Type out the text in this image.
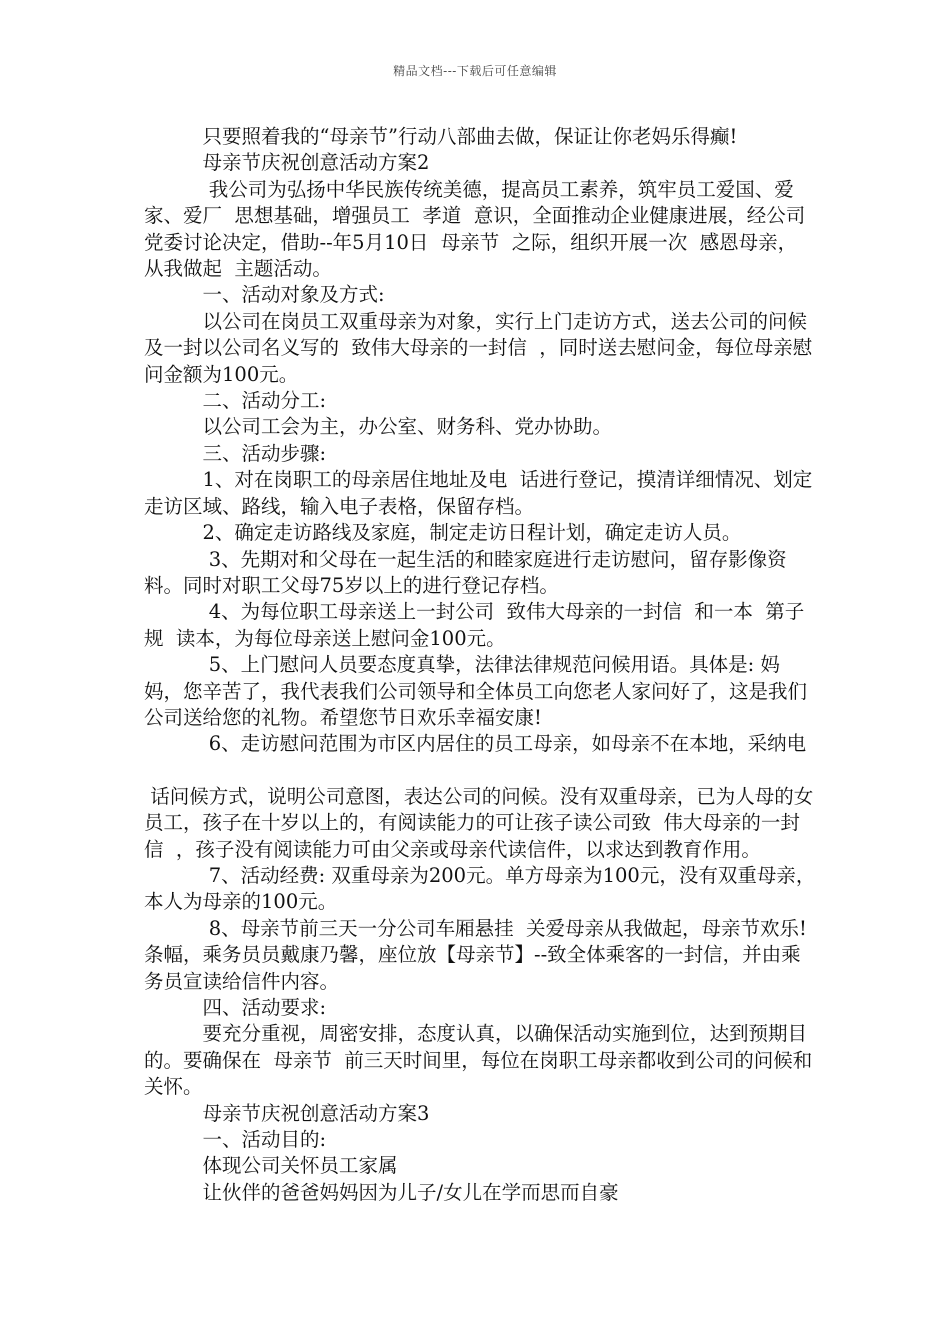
精品文档---下载后可任意编辑

　　　只要照着我的“母亲节”行动八部曲去做，保证让你老妈乐得癫!

　　　母亲节庆祝创意活动方案2

　　　 我公司为弘扬中华民族传统美德，提高员工素养，筑牢员工爱国、爱家、爱厂  思想基础，增强员工  孝道  意识，全面推动企业健康进展，经公司党委讨论决定，借助--年5月10日  母亲节  之际，组织开展一次  感恩母亲，从我做起  主题活动。

　　　一、活动对象及方式:

　　　以公司在岗员工双重母亲为对象，实行上门走访方式，送去公司的问候及一封以公司名义写的  致伟大母亲的一封信  ，同时送去慰问金，每位母亲慰问金额为100元。

　　　二、活动分工:

　　　以公司工会为主，办公室、财务科、党办协助。

　　　三、活动步骤:

　　　1、对在岗职工的母亲居住地址及电  话进行登记，摸清详细情况、划定走访区域、路线，输入电子表格，保留存档。

　　　2、确定走访路线及家庭，制定走访日程计划，确定走访人员。

　　　 3、先期对和父母在一起生活的和睦家庭进行走访慰问，留存影像资料。同时对职工父母75岁以上的进行登记存档。

　　　 4、为每位职工母亲送上一封公司  致伟大母亲的一封信  和一本  第子规  读本，为每位母亲送上慰问金100元。

　　　 5、上门慰问人员要态度真挚，法律法律规范问候用语。具体是: 妈妈，您辛苦了，我代表我们公司领导和全体员工向您老人家问好了，这是我们公司送给您的礼物。希望您节日欢乐幸福安康!

　　　 6、走访慰问范围为市区内居住的员工母亲，如母亲不在本地，采纳电

话问候方式，说明公司意图，表达公司的问候。没有双重母亲，已为人母的女员工，孩子在十岁以上的，有阅读能力的可让孩子读公司致  伟大母亲的一封信  ，孩子没有阅读能力可由父亲或母亲代读信件，以求达到教育作用。

　　　 7、活动经费: 双重母亲为200元。单方母亲为100元，没有双重母亲，本人为母亲的100元。

　　　 8、母亲节前三天一分公司车厢悬挂  关爱母亲从我做起，母亲节欢乐! 条幅，乘务员员戴康乃馨，座位放【母亲节】--致全体乘客的一封信，并由乘务员宣读给信件内容。

　　　四、活动要求:

　　　要充分重视，周密安排，态度认真，以确保活动实施到位，达到预期目的。要确保在  母亲节  前三天时间里，每位在岗职工母亲都收到公司的问候和关怀。

　　　母亲节庆祝创意活动方案3

　　　一、活动目的:

　　　体现公司关怀员工家属

　　　让伙伴的爸爸妈妈因为儿子/女儿在学而思而自豪
